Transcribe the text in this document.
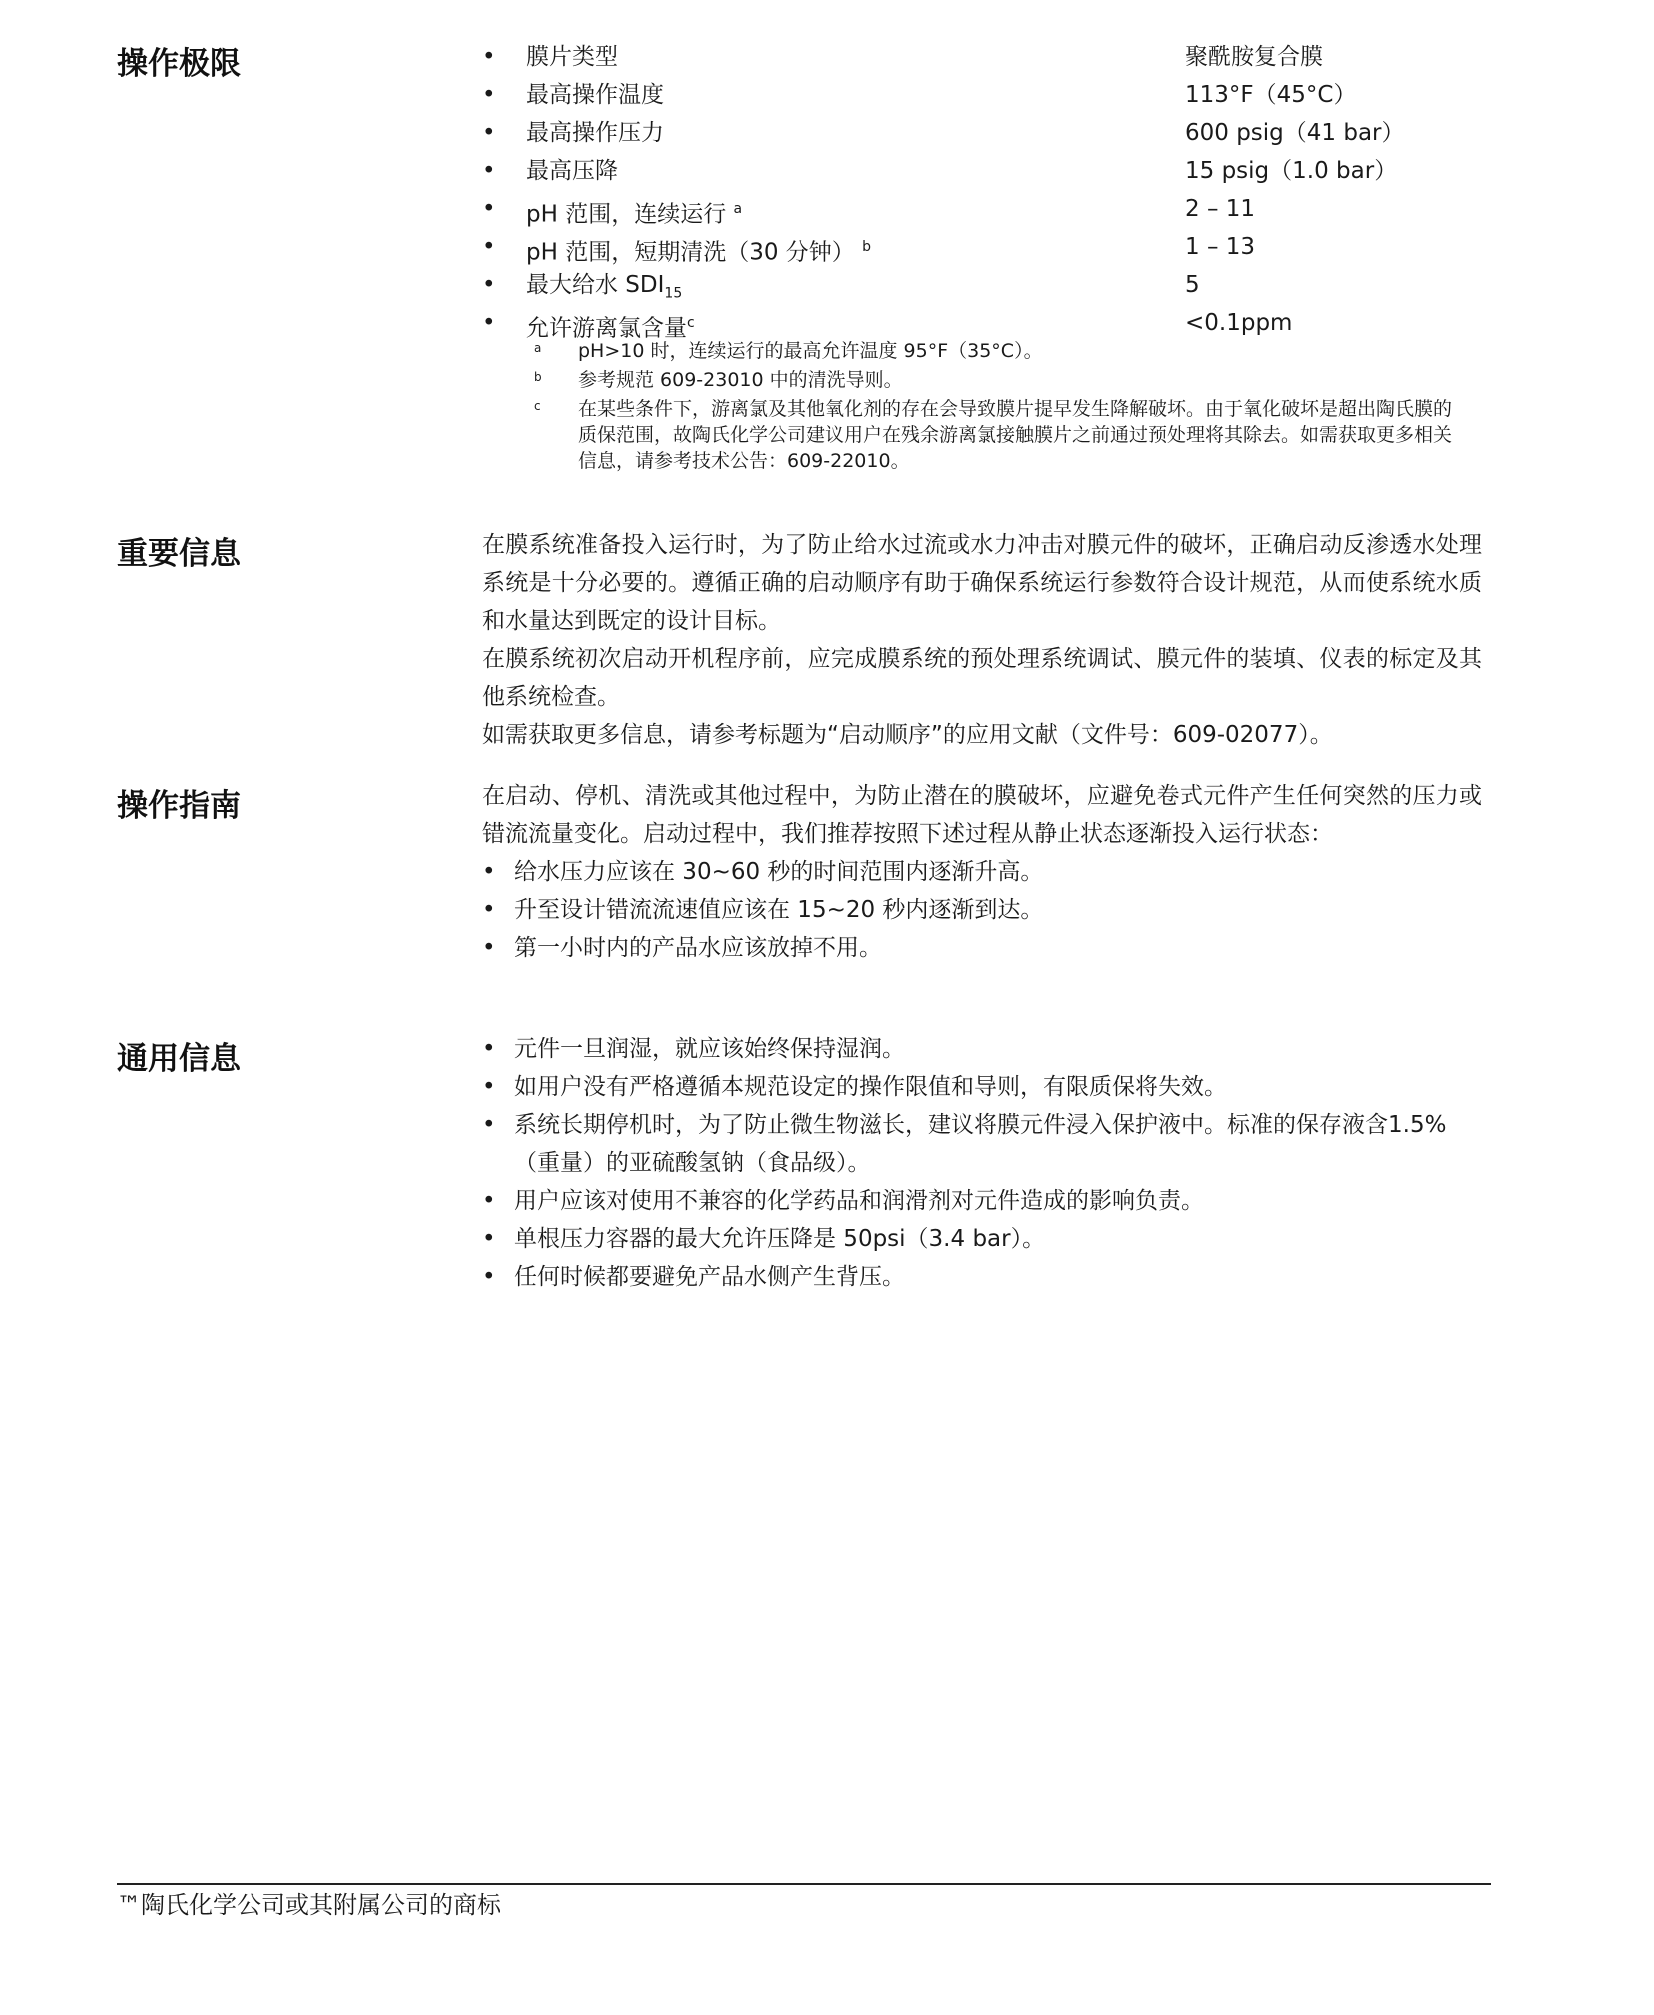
操作极限	• 膜片类型	聚酰胺复合膜
• 最高操作温度	113°F（45°C）
• 最高操作压力	600 psig（41 bar）
• 最高压降	15 psig（1.0 bar）
• pH 范围，连续运行 $^a$	2 – 11
• pH 范围，短期清洗（30 分钟） $^b$	1 – 13
• 最大给水 $SDI_{15}$	5
• 允许游离氯含量$^c$	<0.1ppm
a pH>10 时，连续运行的最高允许温度 95°F（35°C）。
b 参考规范 609-23010 中的清洗导则。
c 在某些条件下，游离氯及其他氧化剂的存在会导致膜片提早发生降解破坏。由于氧化破坏是超出陶氏膜的质保范围，故陶氏化学公司建议用户在残余游离氯接触膜片之前通过预处理将其除去。如需获取更多相关信息，请参考技术公告：609-22010。
重要信息	在膜系统准备投入运行时，为了防止给水过流或水力冲击对膜元件的破坏，正确启动反渗透水处理系统是十分必要的。遵循正确的启动顺序有助于确保系统运行参数符合设计规范，从而使系统水质和水量达到既定的设计目标。

在膜系统初次启动开机程序前，应完成膜系统的预处理系统调试、膜元件的装填、仪表的标定及其他系统检查。

如需获取更多信息，请参考标题为“启动顺序”的应用文献（文件号：609-02077）。

操作指南	在启动、停机、清洗或其他过程中，为防止潜在的膜破坏，应避免卷式元件产生任何突然的压力或错流流量变化。启动过程中，我们推荐按照下述过程从静止状态逐渐投入运行状态：
• 给水压力应该在 30~60 秒的时间范围内逐渐升高。
• 升至设计错流流速值应该在 15~20 秒内逐渐到达。
• 第一小时内的产品水应该放掉不用。
通用信息	• 元件一旦润湿，就应该始终保持湿润。
• 如用户没有严格遵循本规范设定的操作限值和导则，有限质保将失效。
• 系统长期停机时，为了防止微生物滋长，建议将膜元件浸入保护液中。标准的保存液含1.5%（重量）的亚硫酸氢钠（食品级）。
• 用户应该对使用不兼容的化学药品和润滑剂对元件造成的影响负责。
• 单根压力容器的最大允许压降是 50psi（3.4 bar）。
• 任何时候都要避免产品水侧产生背压。
™陶氏化学公司或其附属公司的商标
